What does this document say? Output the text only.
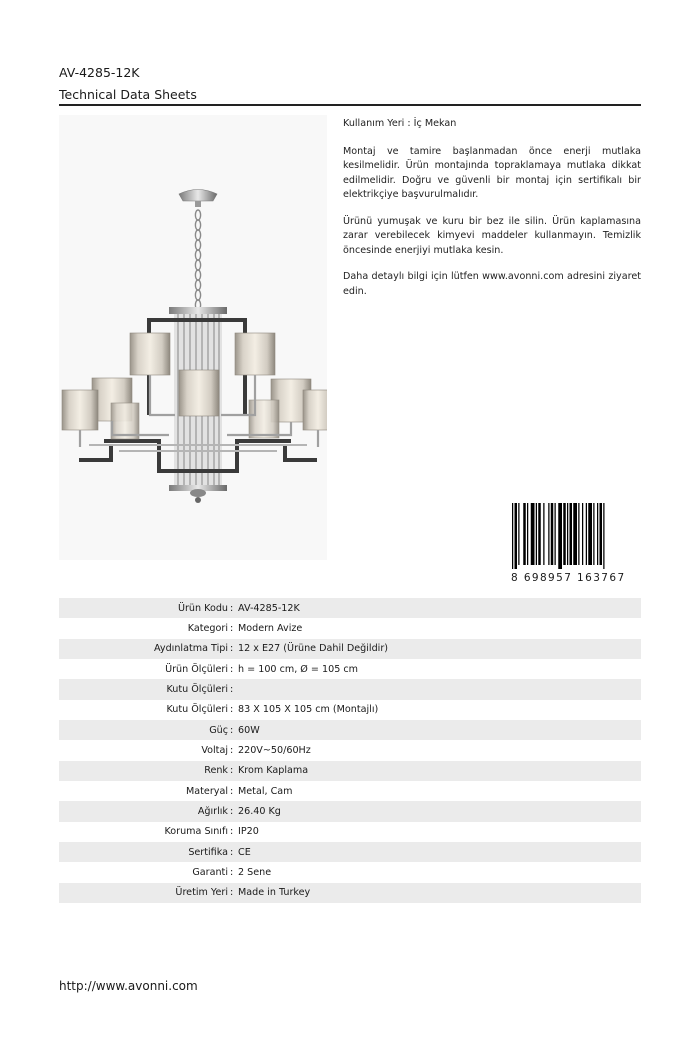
AV-4285-12K
Technical Data Sheets

Kullanım Yeri : İç Mekan

Montaj ve tamire başlanmadan önce enerji mutlaka kesilmelidir. Ürün montajında topraklamaya mutlaka dikkat edilmelidir. Doğru ve güvenli bir montaj için sertifikalı bir elektrikçiye başvurulmalıdır.

Ürünü yumuşak ve kuru bir bez ile silin. Ürün kaplamasına zarar verebilecek kimyevi maddeler kullanmayın. Temizlik öncesinde enerjiyi mutlaka kesin.

Daha detaylı bilgi için lütfen www.avonni.com adresini ziyaret edin.

8 698957 163767
Ürün Kodu : AV-4285-12K
Kategori : Modern Avize
Aydınlatma Tipi : 12 x E27 (Ürüne Dahil Değildir)
Ürün Ölçüleri : h = 100 cm, Ø = 105 cm
Kutu Ölçüleri :
Kutu Ölçüleri : 83 X 105 X 105 cm (Montajlı)
Güç : 60W
Voltaj : 220V~50/60Hz
Renk : Krom Kaplama
Materyal : Metal, Cam
Ağırlık : 26.40 Kg
Koruma Sınıfı : IP20
Sertifika : CE
Garanti : 2 Sene
Üretim Yeri : Made in Turkey
http://www.avonni.com
